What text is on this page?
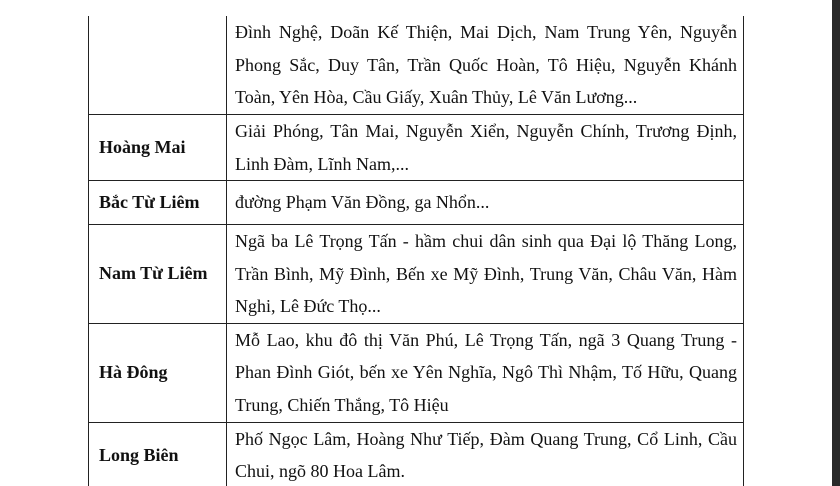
	Đình Nghệ, Doãn Kế Thiện, Mai Dịch, Nam Trung Yên, Nguyễn Phong Sắc, Duy Tân, Trần Quốc Hoàn, Tô Hiệu, Nguyễn Khánh Toàn, Yên Hòa, Cầu Giấy, Xuân Thủy, Lê Văn Lương...
Hoàng Mai	Giải Phóng, Tân Mai, Nguyễn Xiển, Nguyễn Chính, Trương Định, Linh Đàm, Lĩnh Nam,...
Bắc Từ Liêm	đường Phạm Văn Đồng, ga Nhổn...
Nam Từ Liêm	Ngã ba Lê Trọng Tấn - hầm chui dân sinh qua Đại lộ Thăng Long, Trần Bình, Mỹ Đình, Bến xe Mỹ Đình, Trung Văn, Châu Văn, Hàm Nghi, Lê Đức Thọ...
Hà Đông	Mỗ Lao, khu đô thị Văn Phú, Lê Trọng Tấn, ngã 3 Quang Trung - Phan Đình Giót, bến xe Yên Nghĩa, Ngô Thì Nhậm, Tố Hữu, Quang Trung, Chiến Thắng, Tô Hiệu
Long Biên	Phố Ngọc Lâm, Hoàng Như Tiếp, Đàm Quang Trung, Cổ Linh, Cầu Chui, ngõ 80 Hoa Lâm.
